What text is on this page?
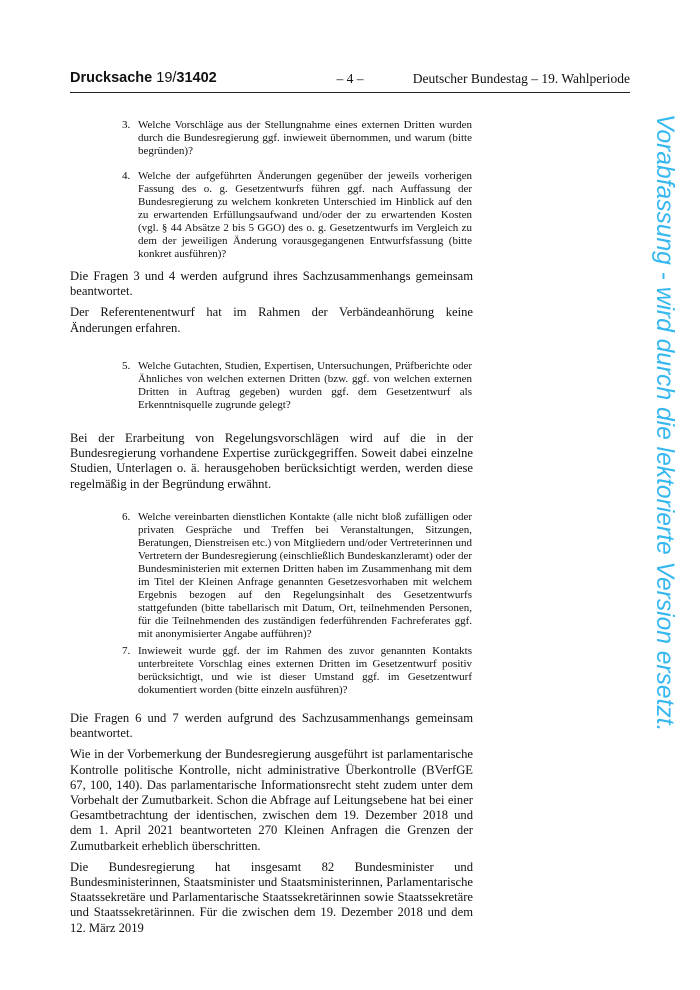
Drucksache 19/31402	– 4 –	Deutscher Bundestag – 19. Wahlperiode
3. Welche Vorschläge aus der Stellungnahme eines externen Dritten wurden durch die Bundesregierung ggf. inwieweit übernommen, und warum (bitte begründen)?
4. Welche der aufgeführten Änderungen gegenüber der jeweils vorherigen Fassung des o. g. Gesetzentwurfs führen ggf. nach Auffassung der Bundesregierung zu welchem konkreten Unterschied im Hinblick auf den zu erwartenden Erfüllungsaufwand und/oder der zu erwartenden Kosten (vgl. § 44 Absätze 2 bis 5 GGO) des o. g. Gesetzentwurfs im Vergleich zu dem der jeweiligen Änderung vorausgegangenen Entwurfsfassung (bitte konkret ausführen)?

Die Fragen 3 und 4 werden aufgrund ihres Sachzusammenhangs gemeinsam beantwortet.

Der Referentenentwurf hat im Rahmen der Verbändeanhörung keine Änderungen erfahren.

5. Welche Gutachten, Studien, Expertisen, Untersuchungen, Prüfberichte oder Ähnliches von welchen externen Dritten (bzw. ggf. von welchen externen Dritten in Auftrag gegeben) wurden ggf. dem Gesetzentwurf als Erkenntnisquelle zugrunde gelegt?

Bei der Erarbeitung von Regelungsvorschlägen wird auf die in der Bundesregierung vorhandene Expertise zurückgegriffen. Soweit dabei einzelne Studien, Unterlagen o. ä. herausgehoben berücksichtigt werden, werden diese regelmäßig in der Begründung erwähnt.

6. Welche vereinbarten dienstlichen Kontakte (alle nicht bloß zufälligen oder privaten Gespräche und Treffen bei Veranstaltungen, Sitzungen, Beratungen, Dienstreisen etc.) von Mitgliedern und/oder Vertreterinnen und Vertretern der Bundesregierung (einschließlich Bundeskanzleramt) oder der Bundesministerien mit externen Dritten haben im Zusammenhang mit dem im Titel der Kleinen Anfrage genannten Gesetzesvorhaben mit welchem Ergebnis bezogen auf den Regelungsinhalt des Gesetzentwurfs stattgefunden (bitte tabellarisch mit Datum, Ort, teilnehmenden Personen, für die Teilnehmenden des zuständigen federführenden Fachreferates ggf. mit anonymisierter Angabe aufführen)?
7. Inwieweit wurde ggf. der im Rahmen des zuvor genannten Kontakts unterbreitete Vorschlag eines externen Dritten im Gesetzentwurf positiv berücksichtigt, und wie ist dieser Umstand ggf. im Gesetzentwurf dokumentiert worden (bitte einzeln ausführen)?

Die Fragen 6 und 7 werden aufgrund des Sachzusammenhangs gemeinsam beantwortet.

Wie in der Vorbemerkung der Bundesregierung ausgeführt ist parlamentarische Kontrolle politische Kontrolle, nicht administrative Überkontrolle (BVerfGE 67, 100, 140). Das parlamentarische Informationsrecht steht zudem unter dem Vorbehalt der Zumutbarkeit. Schon die Abfrage auf Leitungsebene hat bei einer Gesamtbetrachtung der identischen, zwischen dem 19. Dezember 2018 und dem 1. April 2021 beantworteten 270 Kleinen Anfragen die Grenzen der Zumutbarkeit erheblich überschritten.

Die Bundesregierung hat insgesamt 82 Bundesminister und Bundesministerinnen, Staatsminister und Staatsministerinnen, Parlamentarische Staatssekretäre und Parlamentarische Staatssekretärinnen sowie Staatssekretäre und Staatssekretärinnen. Für die zwischen dem 19. Dezember 2018 und dem 12. März 2019

Vorabfassung - wird durch die lektorierte Version ersetzt.
